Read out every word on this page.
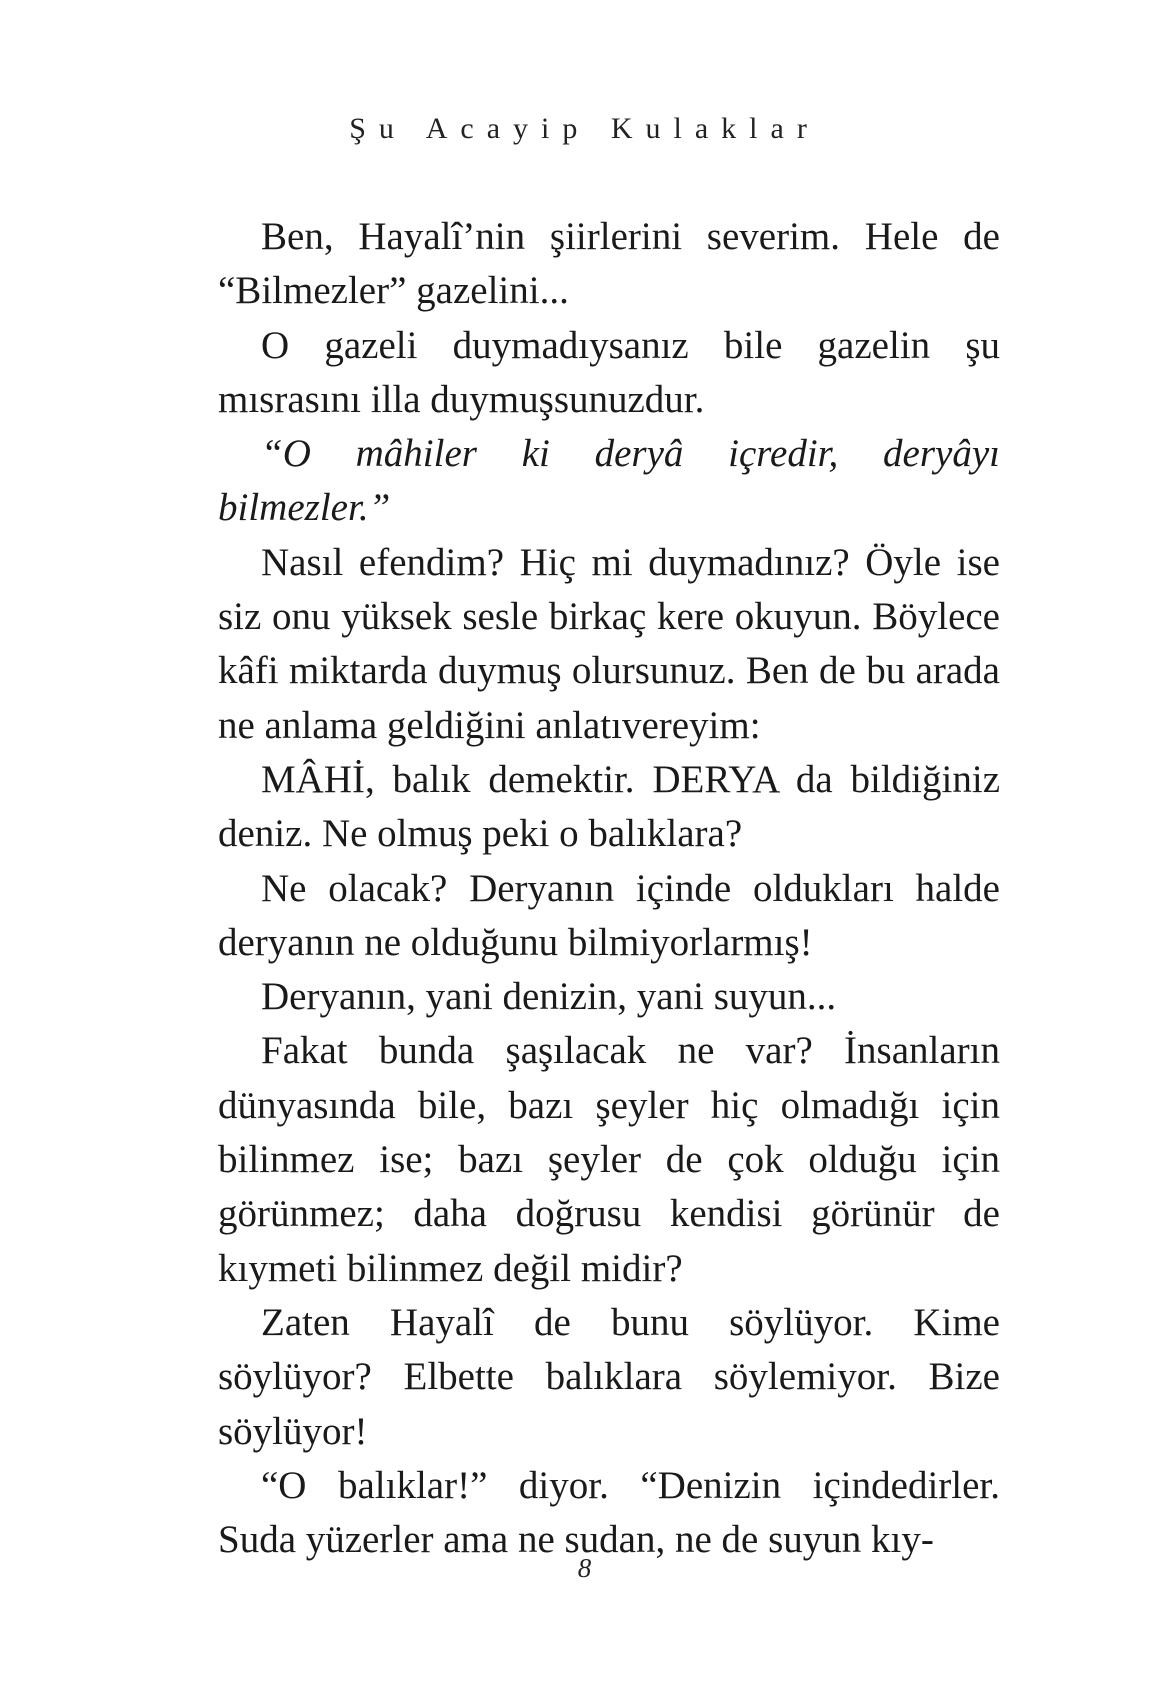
Şu Acayip Kulaklar

Ben, Hayalî’nin şiirlerini severim. Hele de “Bilmezler” gazelini...

O gazeli duymadıysanız bile gazelin şu mısrasını illa duymuşsunuzdur.

“O mâhiler ki deryâ içredir, deryâyı bilmezler.”

Nasıl efendim? Hiç mi duymadınız? Öyle ise siz onu yüksek sesle birkaç kere okuyun. Böylece kâfi miktarda duymuş olursunuz. Ben de bu arada ne anlama geldiğini anlatıvereyim:

MÂHİ, balık demektir. DERYA da bildiğiniz deniz. Ne olmuş peki o balıklara?

Ne olacak? Deryanın içinde oldukları halde deryanın ne olduğunu bilmiyorlarmış!

Deryanın, yani denizin, yani suyun...

Fakat bunda şaşılacak ne var? İnsanların dünyasında bile, bazı şeyler hiç olmadığı için bilinmez ise; bazı şeyler de çok olduğu için görünmez; daha doğrusu kendisi görünür de kıymeti bilinmez değil midir?

Zaten Hayalî de bunu söylüyor. Kime söylüyor? Elbette balıklara söylemiyor. Bize söylüyor!

“O balıklar!” diyor. “Denizin içindedirler. Suda yüzerler ama ne sudan, ne de suyun kıy-

8
